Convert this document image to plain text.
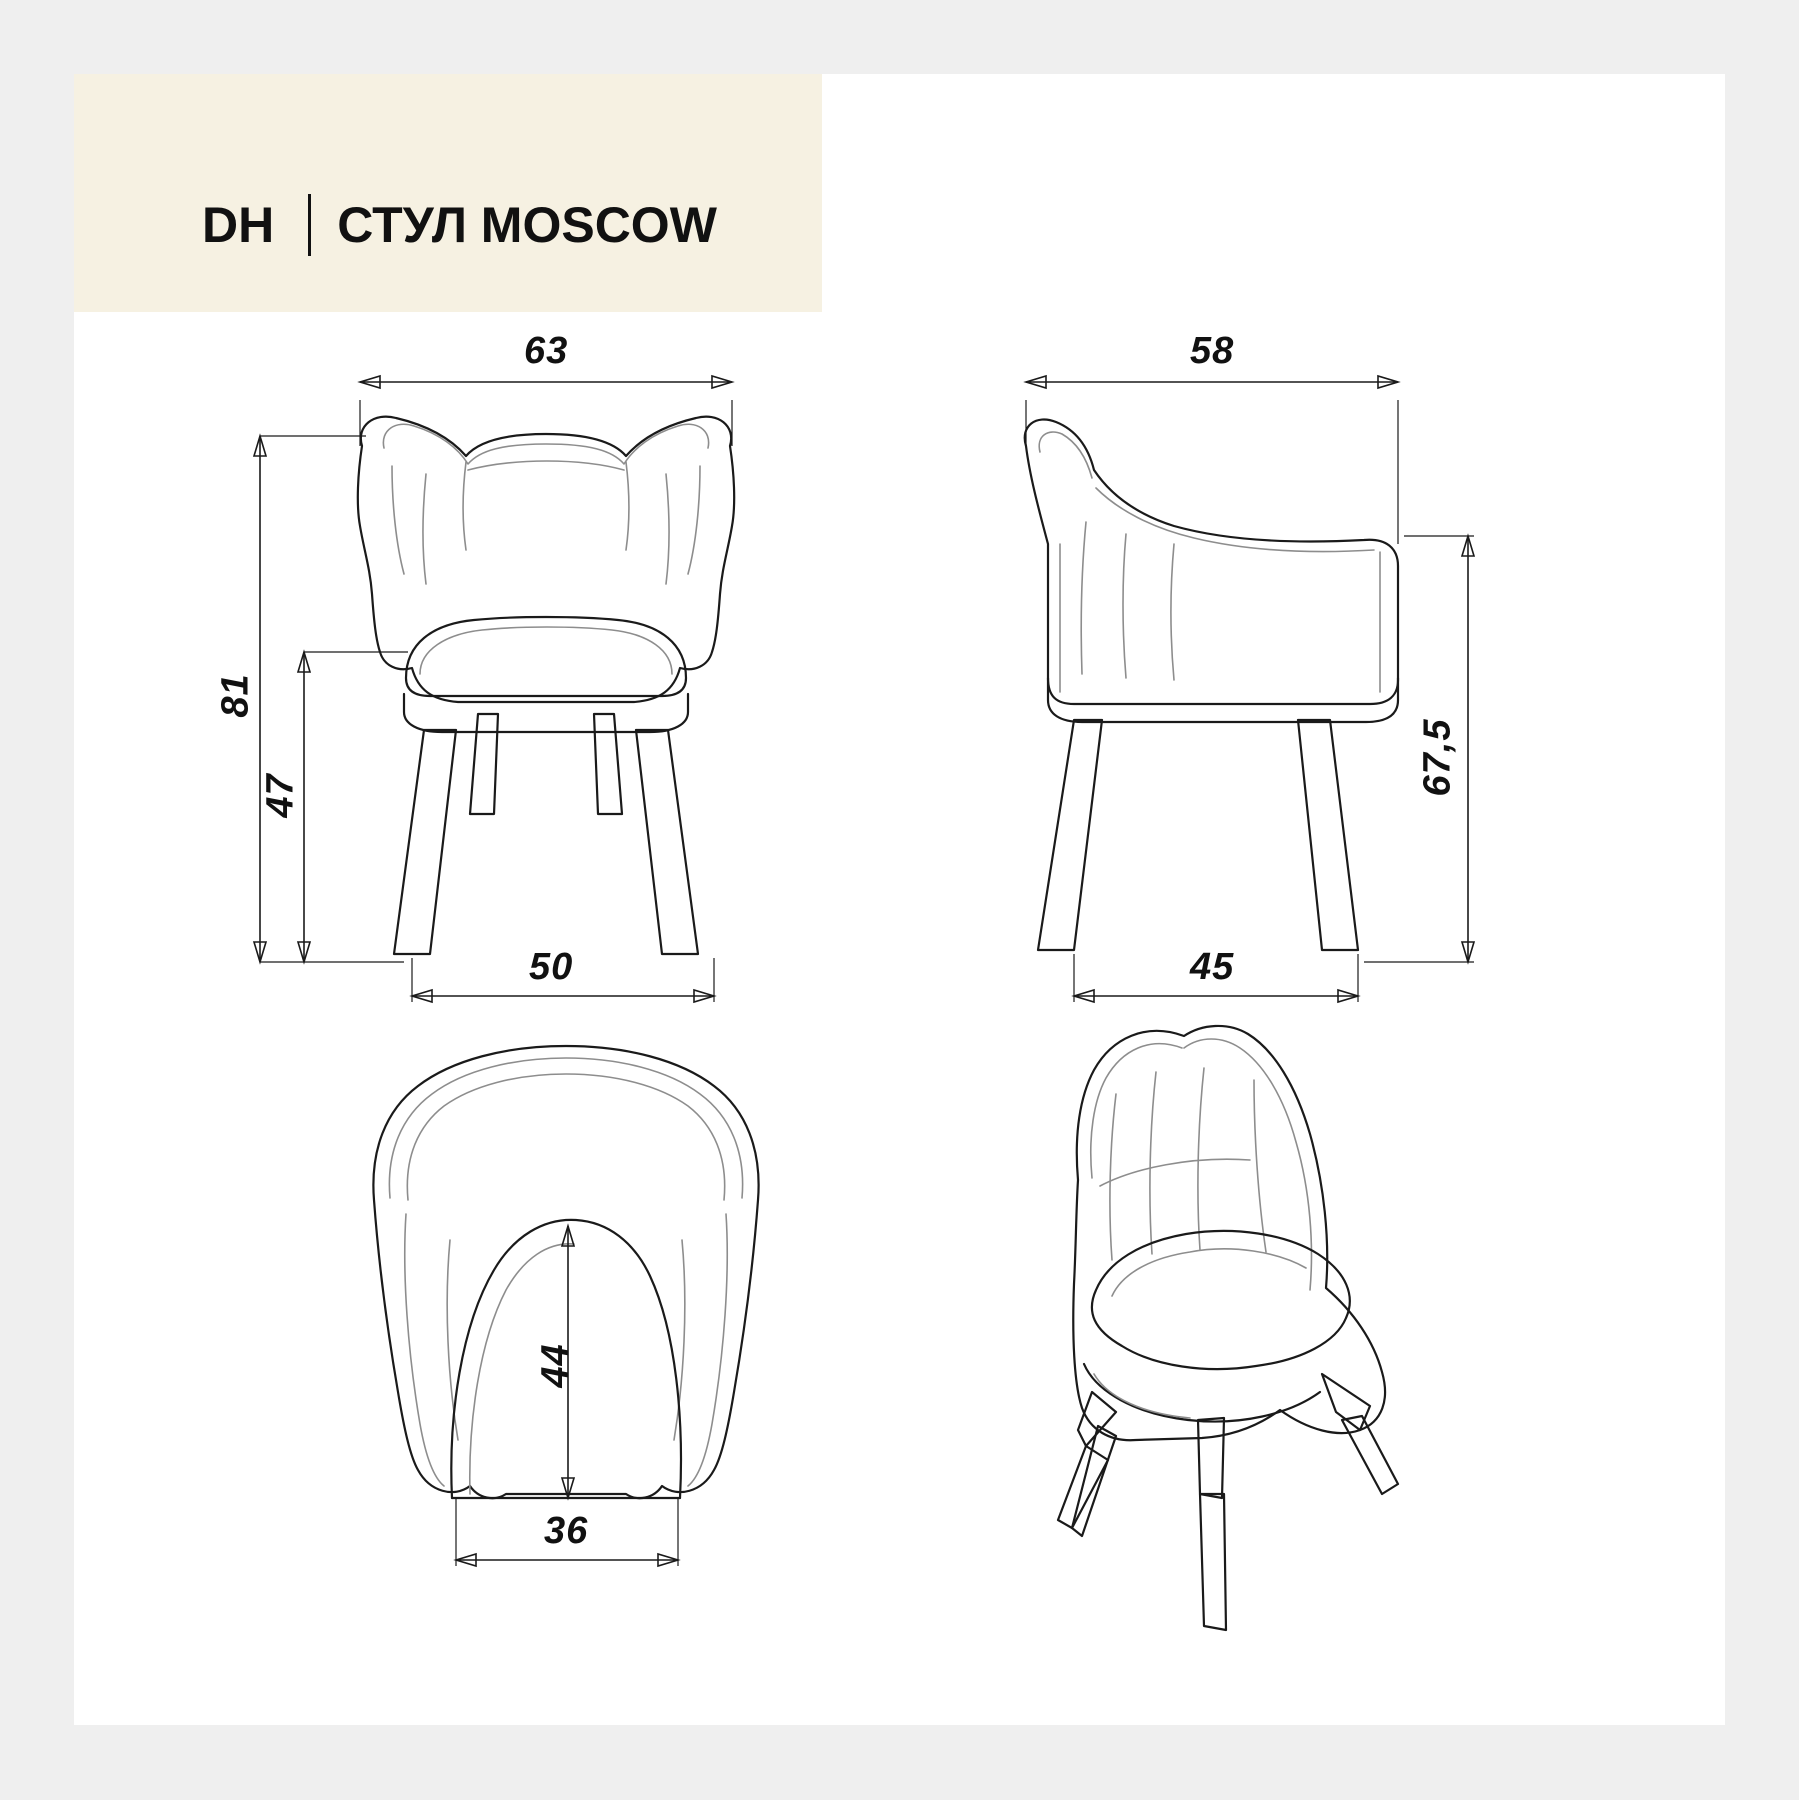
DH СТУЛ MOSCOW
63
81
47
50
58
67,5
45
44
36
